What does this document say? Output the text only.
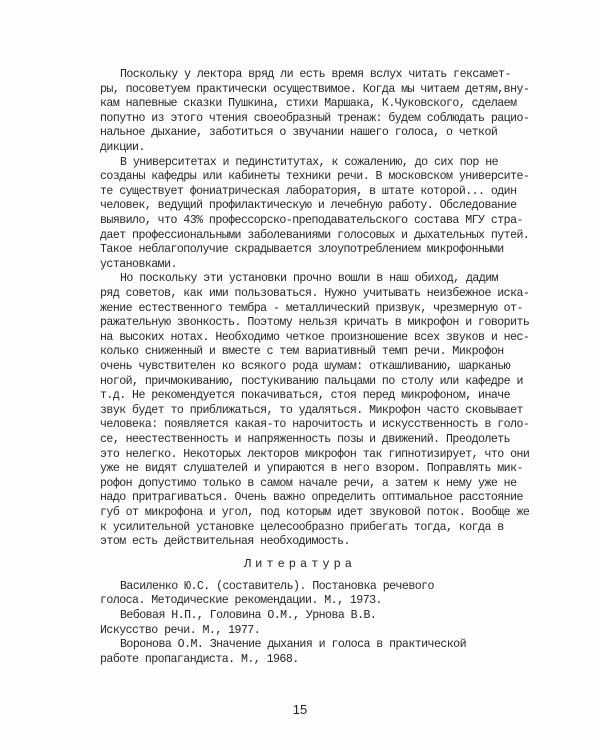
Литература
15
Поскольку у лектора вряд ли есть время вслух читать гексамет-
ры, посоветуем практически осуществимое. Когда мы читаем детям,вну-
кам напевные сказки Пушкина, стихи Маршака, К.Чуковского, сделаем
попутно из этого чтения своеобразный тренаж: будем соблюдать рацио-
нальное дыхание, заботиться о звучании нашего голоса, о четкой
дикции.
В университетах и пединститутах, к сожалению, до сих пор не
созданы кафедры или кабинеты техники речи. В московском университе-
те существует фониатрическая лаборатория, в штате которой... один
человек, ведущий профилактическую и лечебную работу. Обследование
выявило, что 43% профессорско-преподавательского состава МГУ стра-
дает профессиональными заболеваниями голосовых и дыхательных путей.
Такое неблагополучие скрадывается злоупотреблением микрофонными
установками.
Но поскольку эти установки прочно вошли в наш обиход, дадим
ряд советов, как ими пользоваться. Нужно учитывать неизбежное иска-
жение естественного тембра - металлический призвук, чрезмерную от-
ражательную звонкость. Поэтому нельзя кричать в микрофон и говорить
на высоких нотах. Необходимо четкое произношение всех звуков и нес-
колько сниженный и вместе с тем вариативный темп речи. Микрофон
очень чувствителен ко всякого рода шумам: откашливанию, шарканью
ногой, причмокиванию, постукиванию пальцами по столу или кафедре и
т.д. Не рекомендуется покачиваться, стоя перед микрофоном, иначе
звук будет то приближаться, то удаляться. Микрофон часто сковывает
человека: появляется какая-то нарочитость и искусственность в голо-
се, неестественность и напряженность позы и движений. Преодолеть
это нелегко. Некоторых лекторов микрофон так гипнотизирует, что они
уже не видят слушателей и упираются в него взором. Поправлять мик-
рофон допустимо только в самом начале речи, а затем к нему уже не
надо притрагиваться. Очень важно определить оптимальное расстояние
губ от микрофона и угол, под которым идет звуковой поток. Вообще же
к усилительной установке целесообразно прибегать тогда, когда в
этом есть действительная необходимость.
Василенко Ю.С. (составитель). Постановка речевого
голоса. Методические рекомендации. М., 1973.
Вебовая Н.П., Головина О.М., Урнова В.В.
Искусство речи. М., 1977.
Воронова О.М. Значение дыхания и голоса в практической
работе пропагандиста. М., 1968.
